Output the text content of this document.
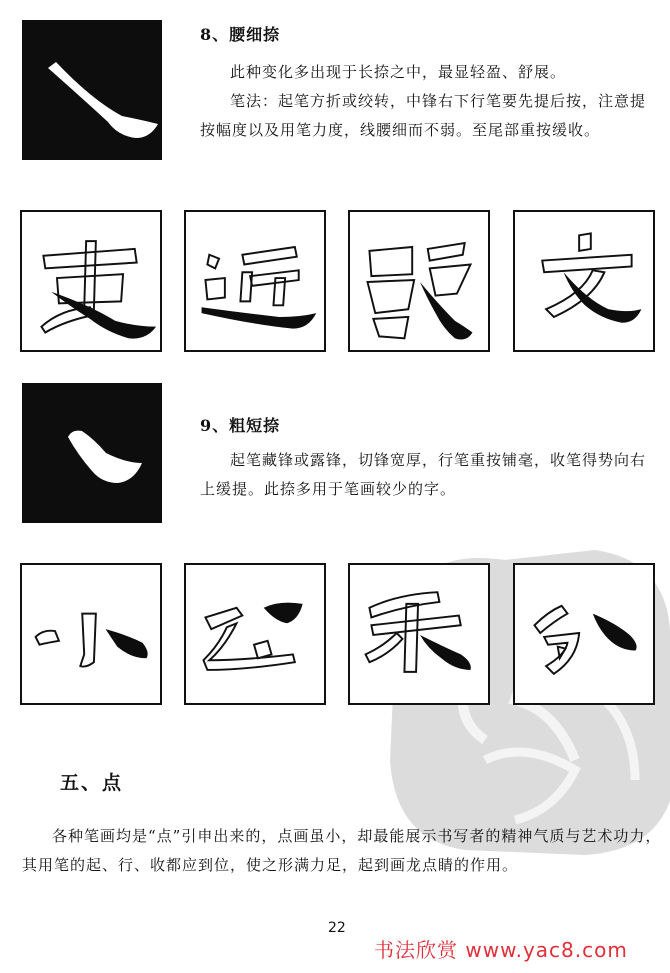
8、腰细捺

此种变化多出现于长捺之中，最显轻盈、舒展。

笔法：起笔方折或绞转，中锋右下行笔要先提后按，注意提按幅度以及用笔力度，线腰细而不弱。至尾部重按缓收。

9、粗短捺

起笔藏锋或露锋，切锋宽厚，行笔重按铺毫，收笔得势向右上缓提。此捺多用于笔画较少的字。

五、点

各种笔画均是“点”引申出来的，点画虽小，却最能展示书写者的精神气质与艺术功力，其用笔的起、行、收都应到位，使之形满力足，起到画龙点睛的作用。

22
书法欣赏 www.yac8.com
